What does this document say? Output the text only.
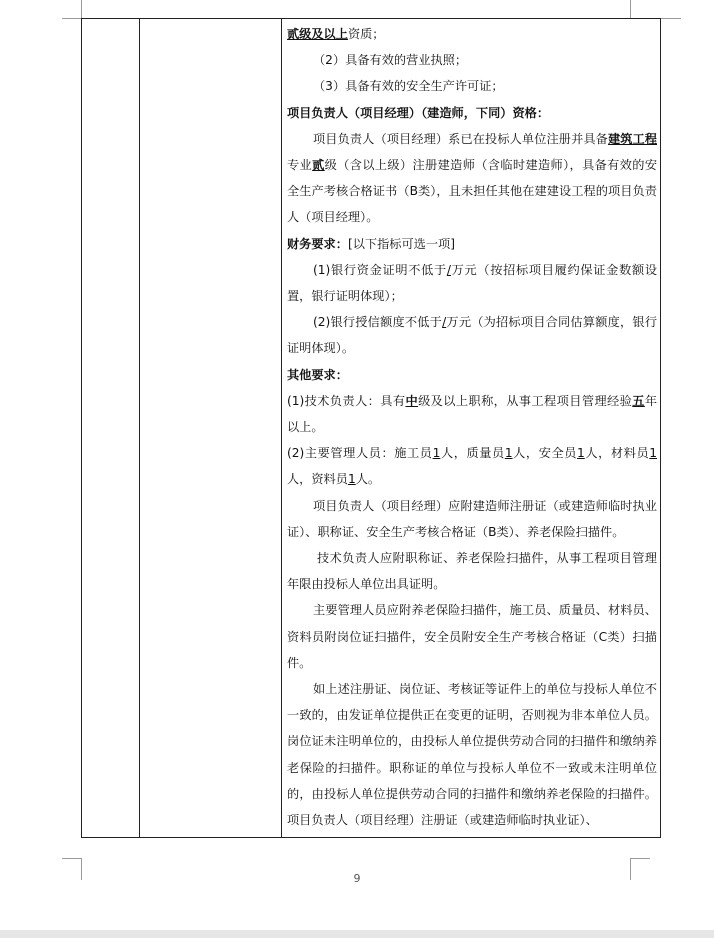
贰级及以上资质；

（2）具备有效的营业执照；

（3）具备有效的安全生产许可证；

项目负责人（项目经理）（建造师，下同）资格：

项目负责人（项目经理）系已在投标人单位注册并具备建筑工程专业贰级（含以上级）注册建造师（含临时建造师），具备有效的安全生产考核合格证书（B类），且未担任其他在建建设工程的项目负责人（项目经理）。

财务要求：[以下指标可选一项]

(1)银行资金证明不低于/万元（按招标项目履约保证金数额设置，银行证明体现）；

(2)银行授信额度不低于/万元（为招标项目合同估算额度，银行证明体现）。

其他要求：

(1)技术负责人：具有中级及以上职称，从事工程项目管理经验五年以上。

(2)主要管理人员：施工员1人，质量员1人，安全员1人，材料员1人，资料员1人。

项目负责人（项目经理）应附建造师注册证（或建造师临时执业证）、职称证、安全生产考核合格证（B类）、养老保险扫描件。

技术负责人应附职称证、养老保险扫描件，从事工程项目管理年限由投标人单位出具证明。

主要管理人员应附养老保险扫描件，施工员、质量员、材料员、资料员附岗位证扫描件，安全员附安全生产考核合格证（C类）扫描件。

如上述注册证、岗位证、考核证等证件上的单位与投标人单位不一致的，由发证单位提供正在变更的证明，否则视为非本单位人员。岗位证未注明单位的，由投标人单位提供劳动合同的扫描件和缴纳养老保险的扫描件。职称证的单位与投标人单位不一致或未注明单位的，由投标人单位提供劳动合同的扫描件和缴纳养老保险的扫描件。项目负责人（项目经理）注册证（或建造师临时执业证）、

9
